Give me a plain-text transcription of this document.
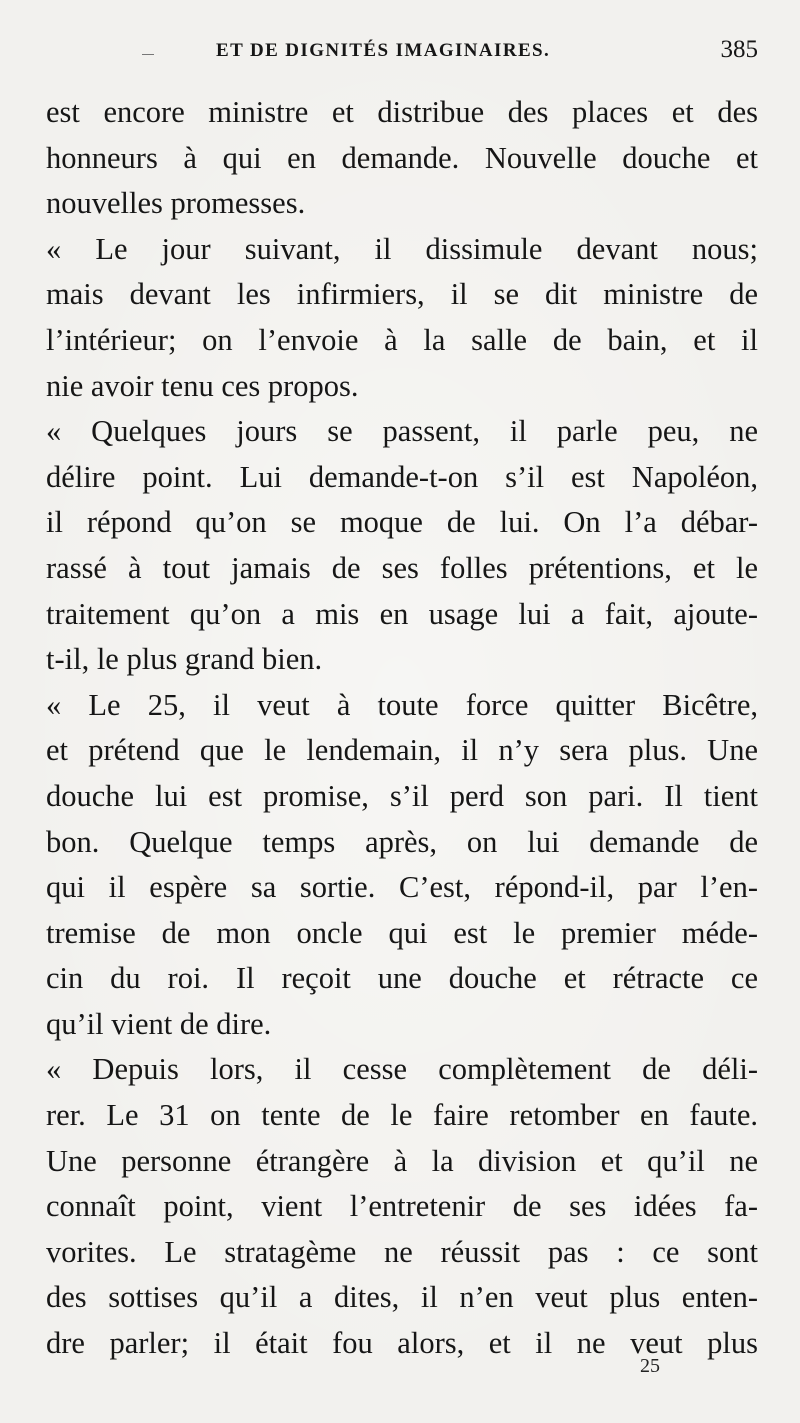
ET DE DIGNITÉS IMAGINAIRES.	385
est encore ministre et distribue des places et des
honneurs à qui en demande. Nouvelle douche et
nouvelles promesses.
« Le jour suivant, il dissimule devant nous;
mais devant les infirmiers, il se dit ministre de
l’intérieur; on l’envoie à la salle de bain, et il
nie avoir tenu ces propos.
« Quelques jours se passent, il parle peu, ne
délire point. Lui demande-t-on s’il est Napoléon,
il répond qu’on se moque de lui. On l’a débar-
rassé à tout jamais de ses folles prétentions, et le
traitement qu’on a mis en usage lui a fait, ajoute-
t-il, le plus grand bien.
« Le 25, il veut à toute force quitter Bicêtre,
et prétend que le lendemain, il n’y sera plus. Une
douche lui est promise, s’il perd son pari. Il tient
bon. Quelque temps après, on lui demande de
qui il espère sa sortie. C’est, répond-il, par l’en-
tremise de mon oncle qui est le premier méde-
cin du roi. Il reçoit une douche et rétracte ce
qu’il vient de dire.
« Depuis lors, il cesse complètement de déli-
rer. Le 31 on tente de le faire retomber en faute.
Une personne étrangère à la division et qu’il ne
connaît point, vient l’entretenir de ses idées fa-
vorites. Le stratagème ne réussit pas : ce sont
des sottises qu’il a dites, il n’en veut plus enten-
dre parler; il était fou alors, et il ne veut plus
25
